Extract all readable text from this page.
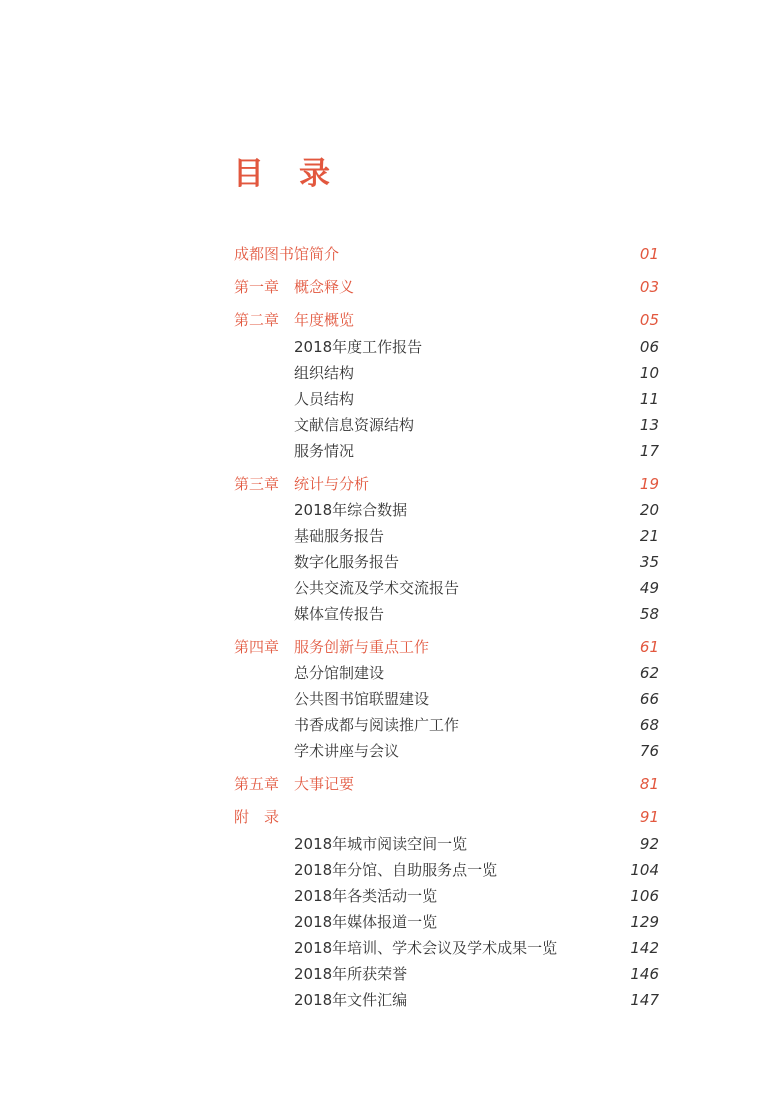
目　录
成都图书馆简介	01
第一章 概念释义	03
第二章 年度概览	05
2018年度工作报告	06
组织结构	10
人员结构	11
文献信息资源结构	13
服务情况	17
第三章 统计与分析	19
2018年综合数据	20
基础服务报告	21
数字化服务报告	35
公共交流及学术交流报告	49
媒体宣传报告	58
第四章 服务创新与重点工作	61
总分馆制建设	62
公共图书馆联盟建设	66
书香成都与阅读推广工作	68
学术讲座与会议	76
第五章 大事记要	81
附　录	91
2018年城市阅读空间一览	92
2018年分馆、自助服务点一览	104
2018年各类活动一览	106
2018年媒体报道一览	129
2018年培训、学术会议及学术成果一览	142
2018年所获荣誉	146
2018年文件汇编	147
